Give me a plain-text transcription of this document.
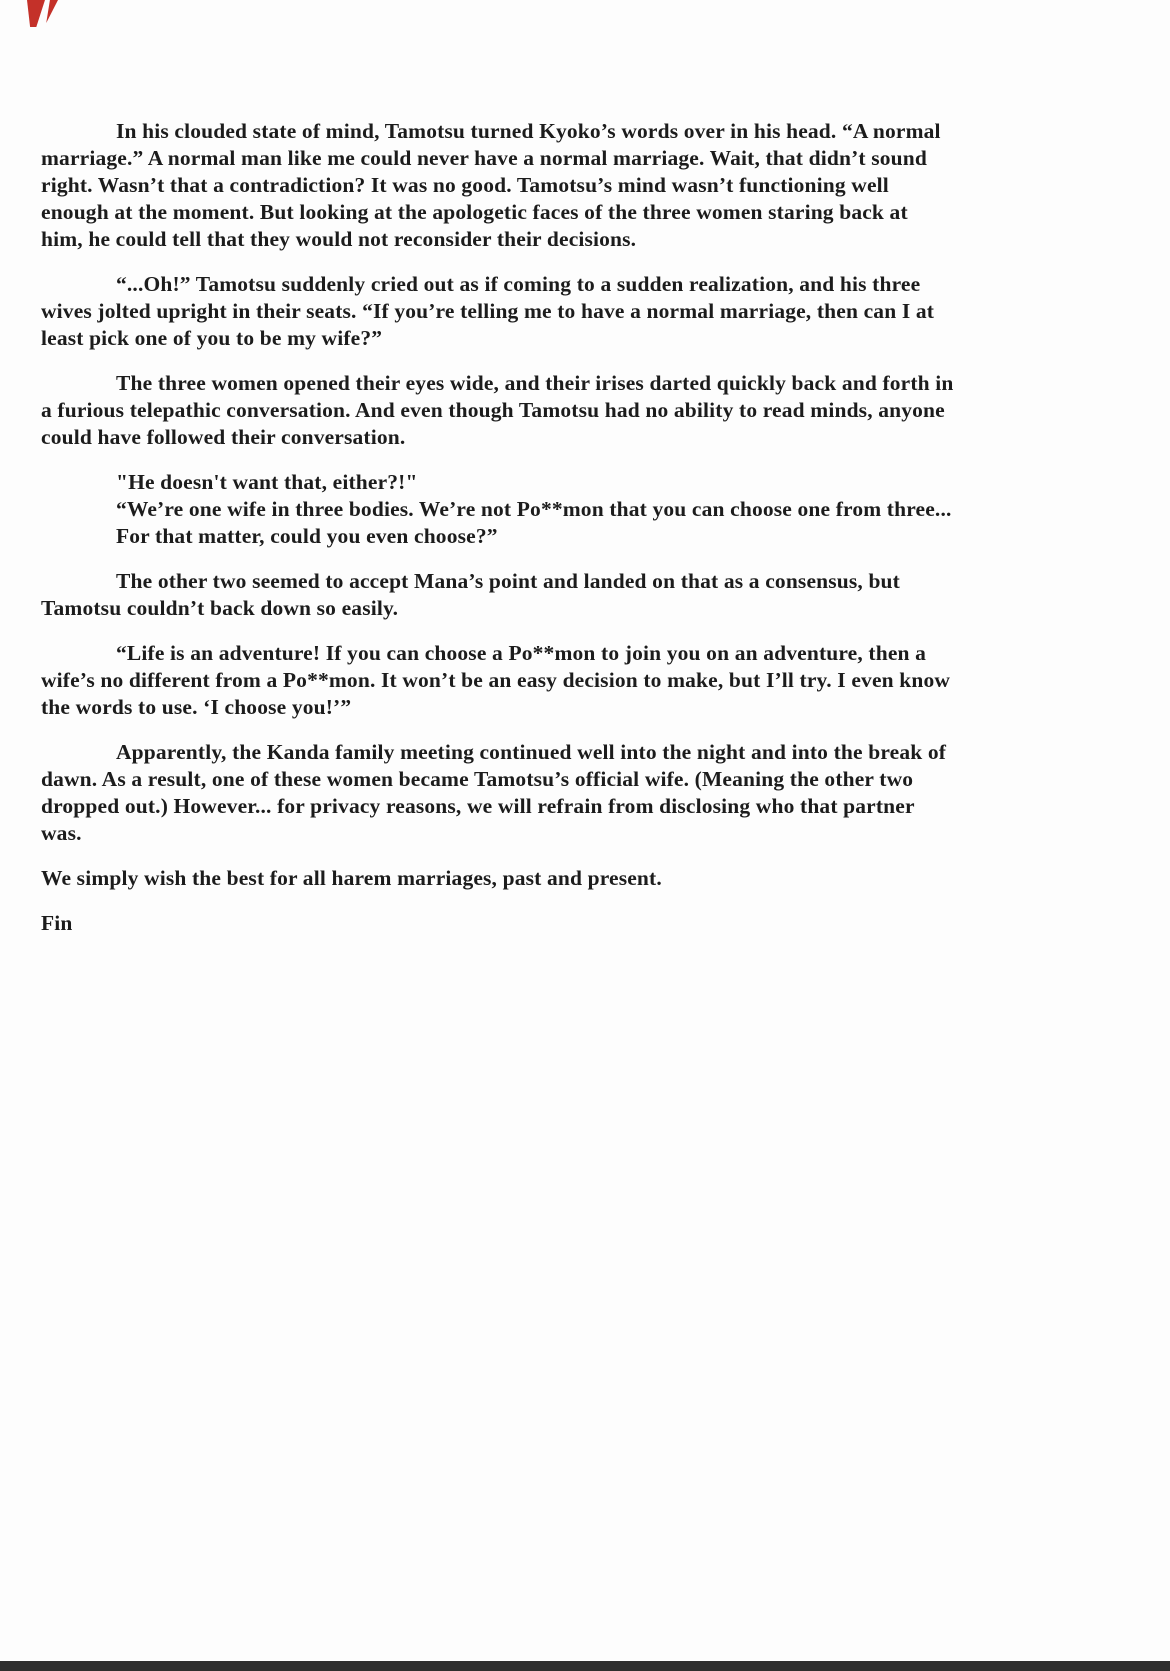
In his clouded state of mind, Tamotsu turned Kyoko’s words over in his head. “A normal
marriage.” A normal man like me could never have a normal marriage. Wait, that didn’t sound
right. Wasn’t that a contradiction? It was no good. Tamotsu’s mind wasn’t functioning well
enough at the moment. But looking at the apologetic faces of the three women staring back at
him, he could tell that they would not reconsider their decisions.

“...Oh!” Tamotsu suddenly cried out as if coming to a sudden realization, and his three
wives jolted upright in their seats. “If you’re telling me to have a normal marriage, then can I at
least pick one of you to be my wife?”

The three women opened their eyes wide, and their irises darted quickly back and forth in
a furious telepathic conversation. And even though Tamotsu had no ability to read minds, anyone
could have followed their conversation.

"He doesn't want that, either?!"
“We’re one wife in three bodies. We’re not Po**mon that you can choose one from three...
For that matter, could you even choose?”

The other two seemed to accept Mana’s point and landed on that as a consensus, but
Tamotsu couldn’t back down so easily.

“Life is an adventure! If you can choose a Po**mon to join you on an adventure, then a
wife’s no different from a Po**mon. It won’t be an easy decision to make, but I’ll try. I even know
the words to use. ‘I choose you!’”

Apparently, the Kanda family meeting continued well into the night and into the break of
dawn. As a result, one of these women became Tamotsu’s official wife. (Meaning the other two
dropped out.) However... for privacy reasons, we will refrain from disclosing who that partner
was.

We simply wish the best for all harem marriages, past and present.

Fin
